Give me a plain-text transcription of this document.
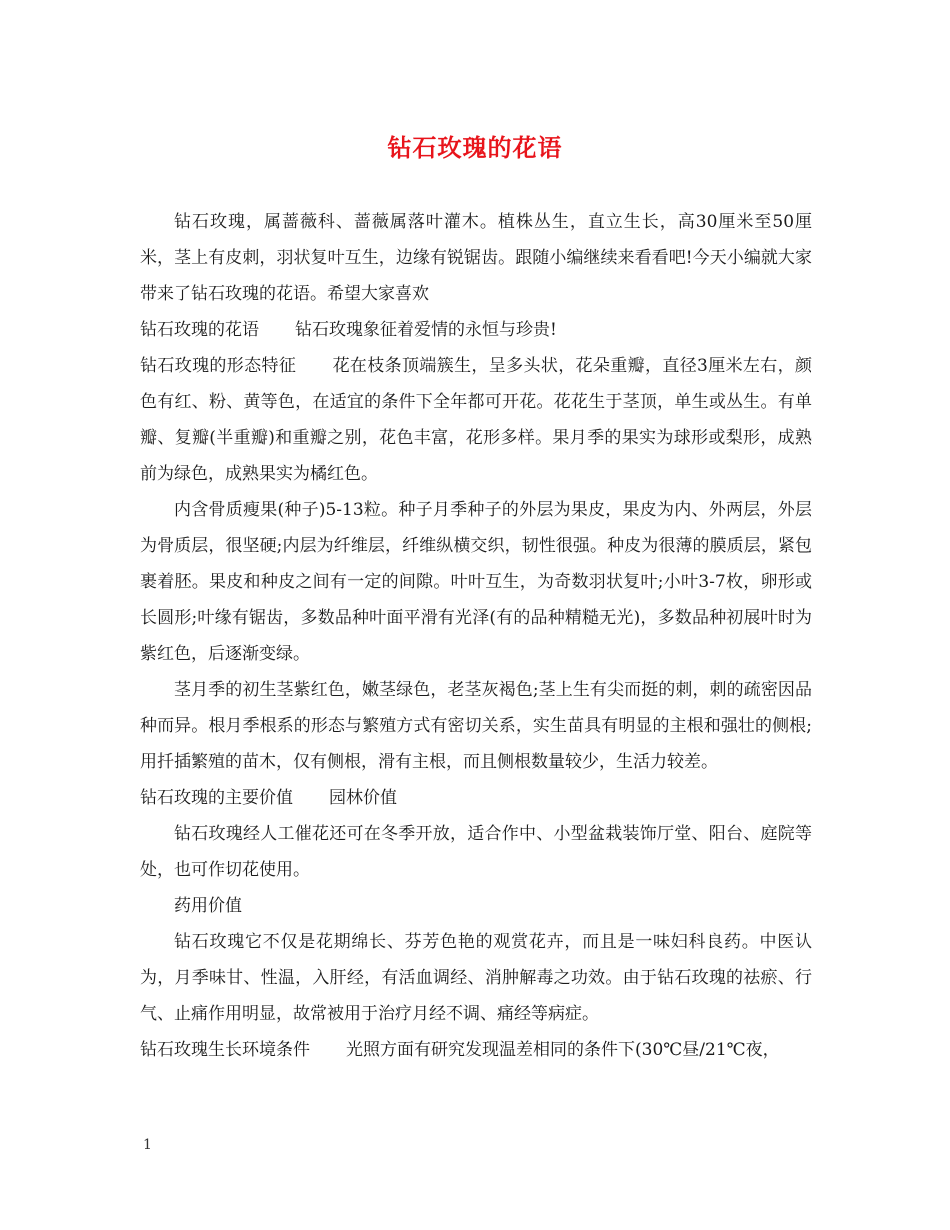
钻石玫瑰的花语

钻石玫瑰，属蔷薇科、蔷薇属落叶灌木。植株丛生，直立生长，高30厘米至50厘米，茎上有皮刺，羽状复叶互生，边缘有锐锯齿。跟随小编继续来看看吧!今天小编就大家带来了钻石玫瑰的花语。希望大家喜欢

钻石玫瑰的花语 钻石玫瑰象征着爱情的永恒与珍贵!

钻石玫瑰的形态特征 花在枝条顶端簇生，呈多头状，花朵重瓣，直径3厘米左右，颜色有红、粉、黄等色，在适宜的条件下全年都可开花。花花生于茎顶，单生或丛生。有单瓣、复瓣(半重瓣)和重瓣之别，花色丰富，花形多样。果月季的果实为球形或梨形，成熟前为绿色，成熟果实为橘红色。

内含骨质瘦果(种子)5-13粒。种子月季种子的外层为果皮，果皮为内、外两层，外层为骨质层，很坚硬;内层为纤维层，纤维纵横交织，韧性很强。种皮为很薄的膜质层，紧包裹着胚。果皮和种皮之间有一定的间隙。叶叶互生，为奇数羽状复叶;小叶3-7枚，卵形或长圆形;叶缘有锯齿，多数品种叶面平滑有光泽(有的品种精糙无光)，多数品种初展叶时为紫红色，后逐渐变绿。

茎月季的初生茎紫红色，嫩茎绿色，老茎灰褐色;茎上生有尖而挺的刺，刺的疏密因品种而异。根月季根系的形态与繁殖方式有密切关系，实生苗具有明显的主根和强壮的侧根;用扦插繁殖的苗木，仅有侧根，滑有主根，而且侧根数量较少，生活力较差。

钻石玫瑰的主要价值 园林价值

钻石玫瑰经人工催花还可在冬季开放，适合作中、小型盆栽装饰厅堂、阳台、庭院等处，也可作切花使用。

药用价值

钻石玫瑰它不仅是花期绵长、芬芳色艳的观赏花卉，而且是一味妇科良药。中医认为，月季味甘、性温，入肝经，有活血调经、消肿解毒之功效。由于钻石玫瑰的祛瘀、行气、止痛作用明显，故常被用于治疗月经不调、痛经等病症。

钻石玫瑰生长环境条件 光照方面有研究发现温差相同的条件下(30℃昼/21℃夜，

1
